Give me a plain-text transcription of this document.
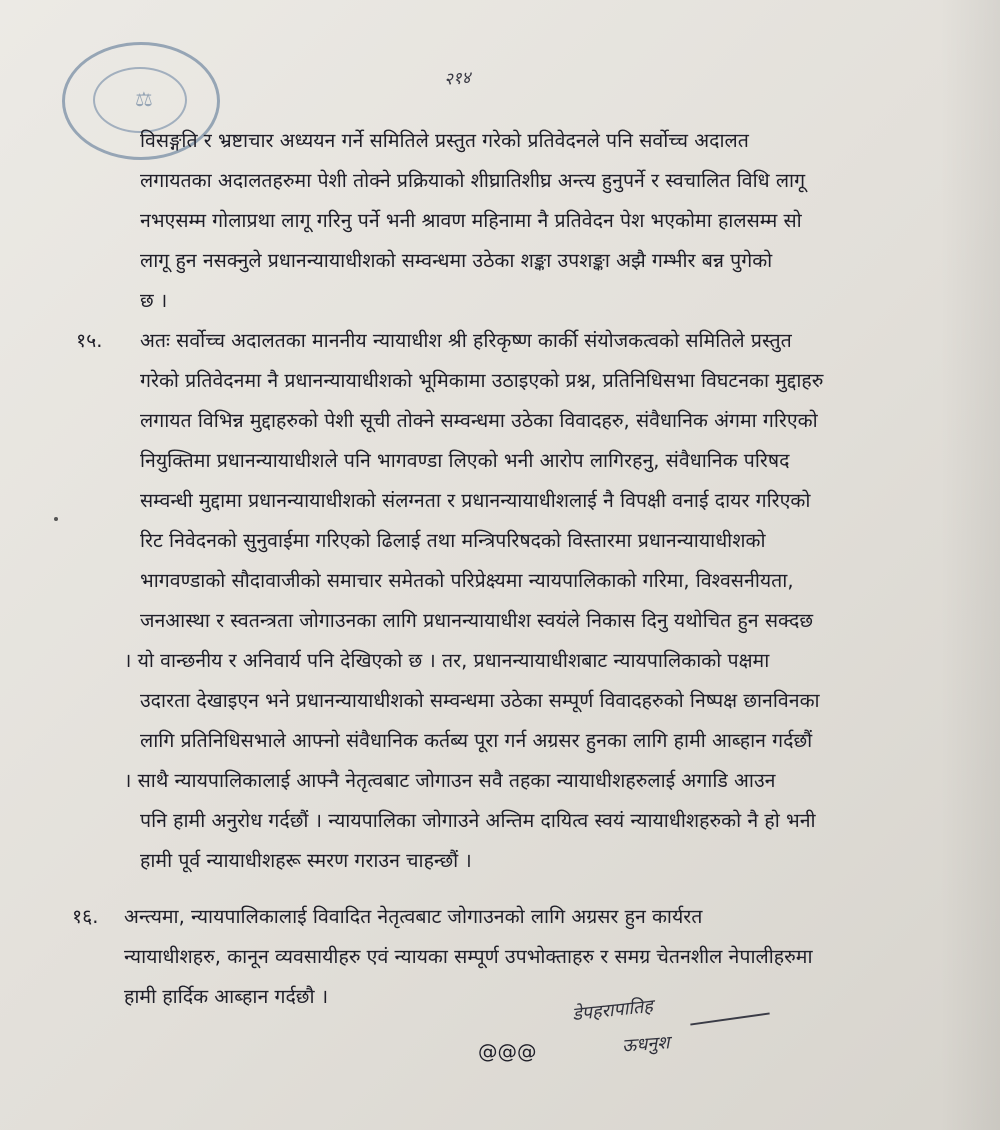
⚖
२१४
विसङ्गति र भ्रष्टाचार अध्ययन गर्ने समितिले प्रस्तुत गरेको प्रतिवेदनले पनि सर्वोच्च अदालत
लगायतका अदालतहरुमा पेशी तोक्ने प्रक्रियाको शीघ्रातिशीघ्र अन्त्य हुनुपर्ने र स्वचालित विधि लागू
नभएसम्म गोलाप्रथा लागू गरिनु पर्ने भनी श्रावण महिनामा नै प्रतिवेदन पेश भएकोमा हालसम्म सो
लागू हुन नसक्नुले प्रधानन्यायाधीशको सम्वन्धमा उठेका शङ्का उपशङ्का अझै गम्भीर बन्न पुगेको
छ ।
१५. अतः सर्वोच्च अदालतका माननीय न्यायाधीश श्री हरिकृष्ण कार्की संयोजकत्वको समितिले प्रस्तुत
गरेको प्रतिवेदनमा नै प्रधानन्यायाधीशको भूमिकामा उठाइएको प्रश्न, प्रतिनिधिसभा विघटनका मुद्दाहरु
लगायत विभिन्न मुद्दाहरुको पेशी सूची तोक्ने सम्वन्धमा उठेका विवादहरु, संवैधानिक अंगमा गरिएको
नियुक्तिमा प्रधानन्यायाधीशले पनि भागवण्डा लिएको भनी आरोप लागिरहनु, संवैधानिक परिषद
सम्वन्धी मुद्दामा प्रधानन्यायाधीशको संलग्नता र प्रधानन्यायाधीशलाई नै विपक्षी वनाई दायर गरिएको
रिट निवेदनको सुनुवाईमा गरिएको ढिलाई तथा मन्त्रिपरिषदको विस्तारमा प्रधानन्यायाधीशको
भागवण्डाको सौदावाजीको समाचार समेतको परिप्रेक्ष्यमा न्यायपालिकाको गरिमा, विश्वसनीयता,
जनआस्था र स्वतन्त्रता जोगाउनका लागि प्रधानन्यायाधीश स्वयंले निकास दिनु यथोचित हुन सक्दछ
। यो वान्छनीय र अनिवार्य पनि देखिएको छ । तर, प्रधानन्यायाधीशबाट न्यायपालिकाको पक्षमा
उदारता देखाइएन भने प्रधानन्यायाधीशको सम्वन्धमा उठेका सम्पूर्ण विवादहरुको निष्पक्ष छानविनका
लागि प्रतिनिधिसभाले आफ्नो संवैधानिक कर्तब्य पूरा गर्न अग्रसर हुनका लागि हामी आब्हान गर्दछौं
। साथै न्यायपालिकालाई आफ्नै नेतृत्वबाट जोगाउन सवै तहका न्यायाधीशहरुलाई अगाडि आउन
पनि हामी अनुरोध गर्दछौं । न्यायपालिका जोगाउने अन्तिम दायित्व स्वयं न्यायाधीशहरुको नै हो भनी
हामी पूर्व न्यायाधीशहरू स्मरण गराउन चाहन्छौं ।
१६. अन्त्यमा, न्यायपालिकालाई विवादित नेतृत्वबाट जोगाउनको लागि अग्रसर हुन कार्यरत
न्यायाधीशहरु, कानून व्यवसायीहरु एवं न्यायका सम्पूर्ण उपभोक्ताहरु र समग्र चेतनशील नेपालीहरुमा
हामी हार्दिक आब्हान गर्दछौ ।
@@@
डेपहरापातिह
ऊधनुश
